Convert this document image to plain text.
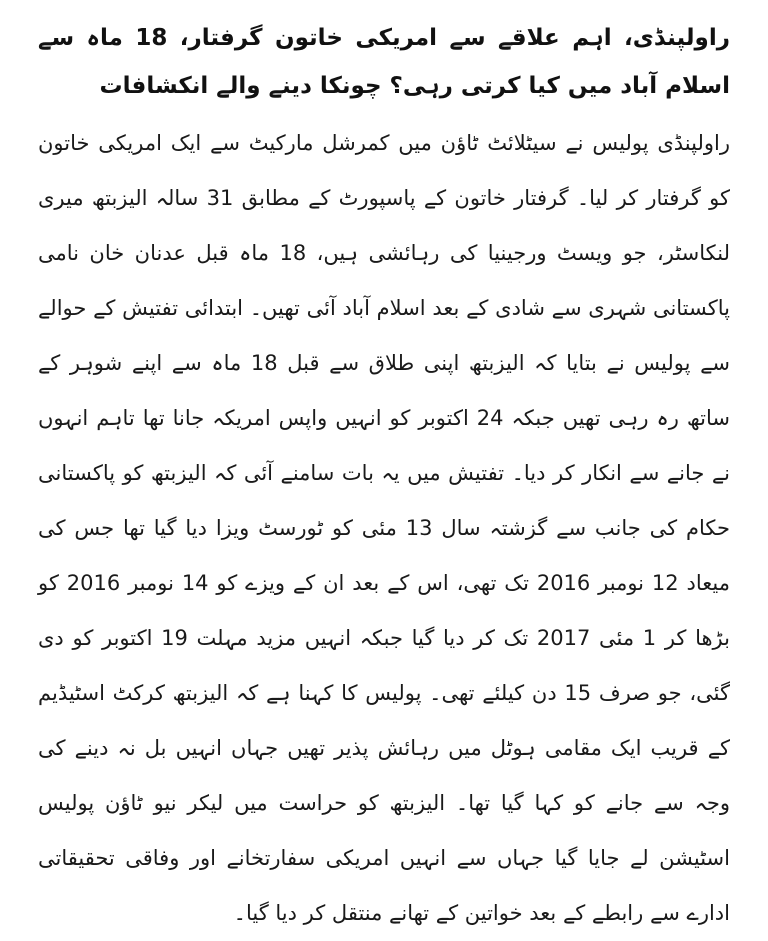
راولپنڈی، اہم علاقے سے امریکی خاتون گرفتار، 18 ماہ سے اسلام آباد میں کیا کرتی رہی؟ چونکا دینے والے انکشافات

راولپنڈی پولیس نے سیٹلائٹ ٹاؤن میں کمرشل مارکیٹ سے ایک امریکی خاتون کو گرفتار کر لیا۔ گرفتار خاتون کے پاسپورٹ کے مطابق 31 سالہ الیزبتھ میری لنکاسٹر، جو ویسٹ ورجینیا کی رہائشی ہیں، 18 ماہ قبل عدنان خان نامی پاکستانی شہری سے شادی کے بعد اسلام آباد آئی تھیں۔ ابتدائی تفتیش کے حوالے سے پولیس نے بتایا کہ الیزبتھ اپنی طلاق سے قبل 18 ماہ سے اپنے شوہر کے ساتھ رہ رہی تھیں جبکہ 24 اکتوبر کو انہیں واپس امریکہ جانا تھا تاہم انہوں نے جانے سے انکار کر دیا۔ تفتیش میں یہ بات سامنے آئی کہ الیزبتھ کو پاکستانی حکام کی جانب سے گزشتہ سال 13 مئی کو ٹورسٹ ویزا دیا گیا تھا جس کی میعاد 12 نومبر 2016 تک تھی، اس کے بعد ان کے ویزے کو 14 نومبر 2016 کو بڑھا کر 1 مئی 2017 تک کر دیا گیا جبکہ انہیں مزید مہلت 19 اکتوبر کو دی گئی، جو صرف 15 دن کیلئے تھی۔ پولیس کا کہنا ہے کہ الیزبتھ کرکٹ اسٹیڈیم کے قریب ایک مقامی ہوٹل میں رہائش پذیر تھیں جہاں انہیں بل نہ دینے کی وجہ سے جانے کو کہا گیا تھا۔ الیزبتھ کو حراست میں لیکر نیو ٹاؤن پولیس اسٹیشن لے جایا گیا جہاں سے انہیں امریکی سفارتخانے اور وفاقی تحقیقاتی ادارے سے رابطے کے بعد خواتین کے تھانے منتقل کر دیا گیا۔
